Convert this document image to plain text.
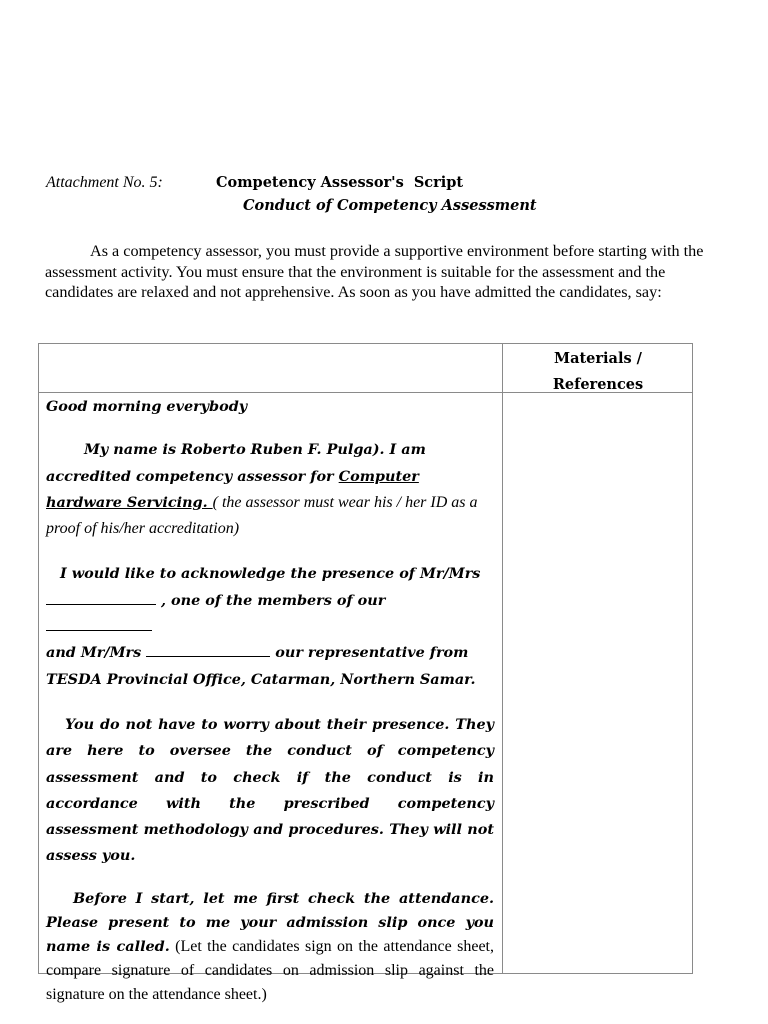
Attachment No. 5:	Competency Assessor's  Script
Conduct of Competency Assessment

As a competency assessor, you must provide a supportive environment before starting with the assessment activity. You must ensure that the environment is suitable for the assessment and the candidates are relaxed and not apprehensive. As soon as you have admitted the candidates, say:

Materials /
References

Good morning everybody

My name is Roberto Ruben F. Pulga). I am accredited competency assessor for Computer hardware Servicing. ( the assessor must wear his / her ID as a proof of his/her accreditation)

I would like to acknowledge the presence of Mr/Mrs
, one of the members of our
and Mr/Mrs	our representative from TESDA Provincial Office, Catarman, Northern Samar.

You do not have to worry about their presence. They are here to oversee the conduct of competency assessment and to check if the conduct is in accordance with the prescribed competency assessment methodology and procedures. They will not assess you.

Before I start, let me first check the attendance. Please present to me your admission slip once you name is called. (Let the candidates sign on the attendance sheet, compare signature of candidates on admission slip against the signature on the attendance sheet.)
